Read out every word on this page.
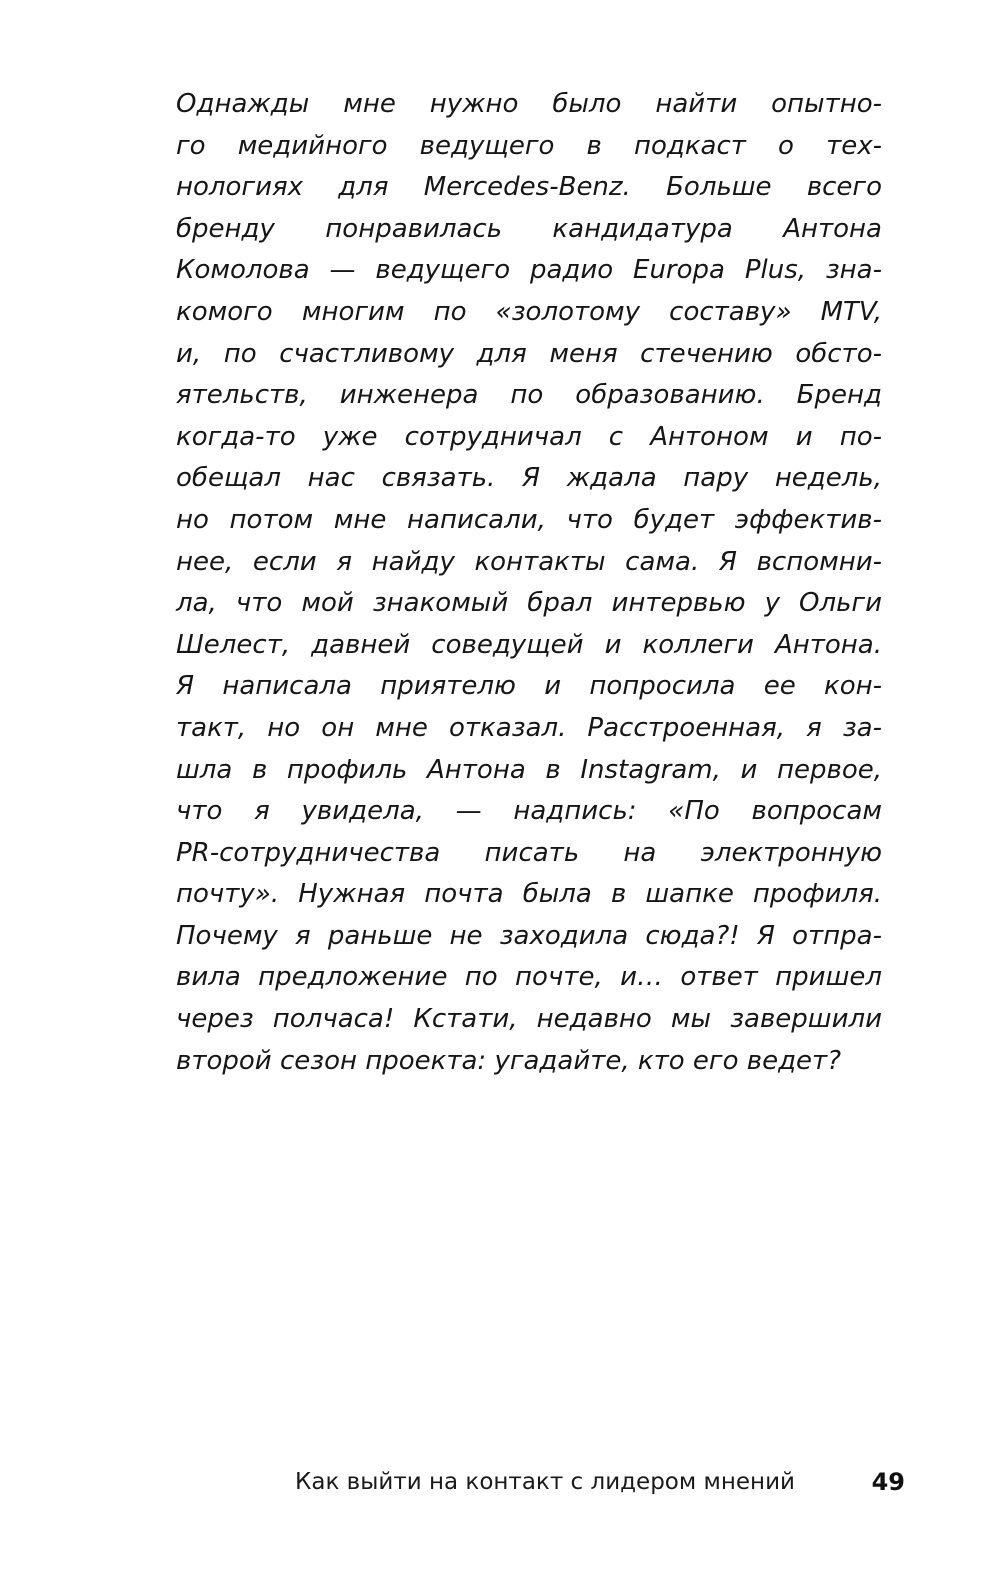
Однажды мне нужно было найти опытно-
го медийного ведущего в подкаст о тех-
нологиях для Mercedes-Benz. Больше всего
бренду понравилась кандидатура Антона
Комолова — ведущего радио Europa Plus, зна-
комого многим по «золотому составу» MTV,
и, по счастливому для меня стечению обсто-
ятельств, инженера по образованию. Бренд
когда-то уже сотрудничал с Антоном и по-
обещал нас связать. Я ждала пару недель,
но потом мне написали, что будет эффектив-
нее, если я найду контакты сама. Я вспомни-
ла, что мой знакомый брал интервью у Ольги
Шелест, давней соведущей и коллеги Антона.
Я написала приятелю и попросила ее кон-
такт, но он мне отказал. Расстроенная, я за-
шла в профиль Антона в Instagram, и первое,
что я увидела, — надпись: «По вопросам
PR-сотрудничества писать на электронную
почту». Нужная почта была в шапке профиля.
Почему я раньше не заходила сюда?! Я отпра-
вила предложение по почте, и… ответ пришел
через полчаса! Кстати, недавно мы завершили
второй сезон проекта: угадайте, кто его ведет?
Как выйти на контакт с лидером мнений	49
